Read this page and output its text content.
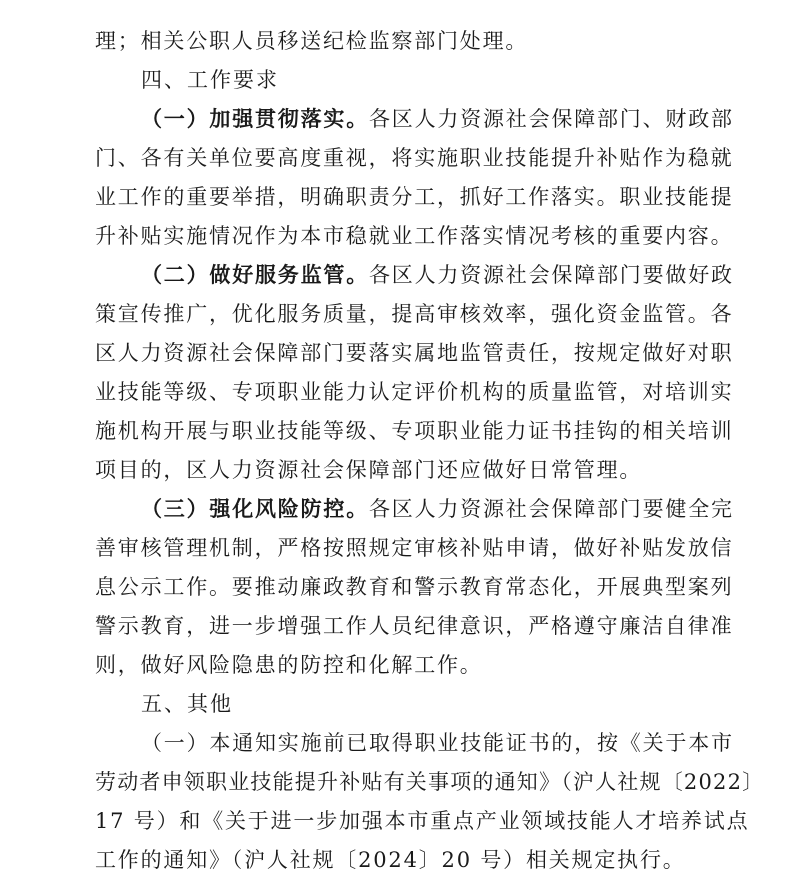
理；相关公职人员移送纪检监察部门处理。
四、工作要求
（一）加强贯彻落实。各区人力资源社会保障部门、财政部
门、各有关单位要高度重视，将实施职业技能提升补贴作为稳就
业工作的重要举措，明确职责分工，抓好工作落实。职业技能提
升补贴实施情况作为本市稳就业工作落实情况考核的重要内容。
（二）做好服务监管。各区人力资源社会保障部门要做好政
策宣传推广，优化服务质量，提高审核效率，强化资金监管。各
区人力资源社会保障部门要落实属地监管责任，按规定做好对职
业技能等级、专项职业能力认定评价机构的质量监管，对培训实
施机构开展与职业技能等级、专项职业能力证书挂钩的相关培训
项目的，区人力资源社会保障部门还应做好日常管理。
（三）强化风险防控。各区人力资源社会保障部门要健全完
善审核管理机制，严格按照规定审核补贴申请，做好补贴发放信
息公示工作。要推动廉政教育和警示教育常态化，开展典型案列
警示教育，进一步增强工作人员纪律意识，严格遵守廉洁自律准
则，做好风险隐患的防控和化解工作。
五、其他
（一）本通知实施前已取得职业技能证书的，按《关于本市
劳动者申领职业技能提升补贴有关事项的通知》（沪人社规〔2022〕
17 号）和《关于进一步加强本市重点产业领域技能人才培养试点
工作的通知》（沪人社规〔2024〕20 号）相关规定执行。
